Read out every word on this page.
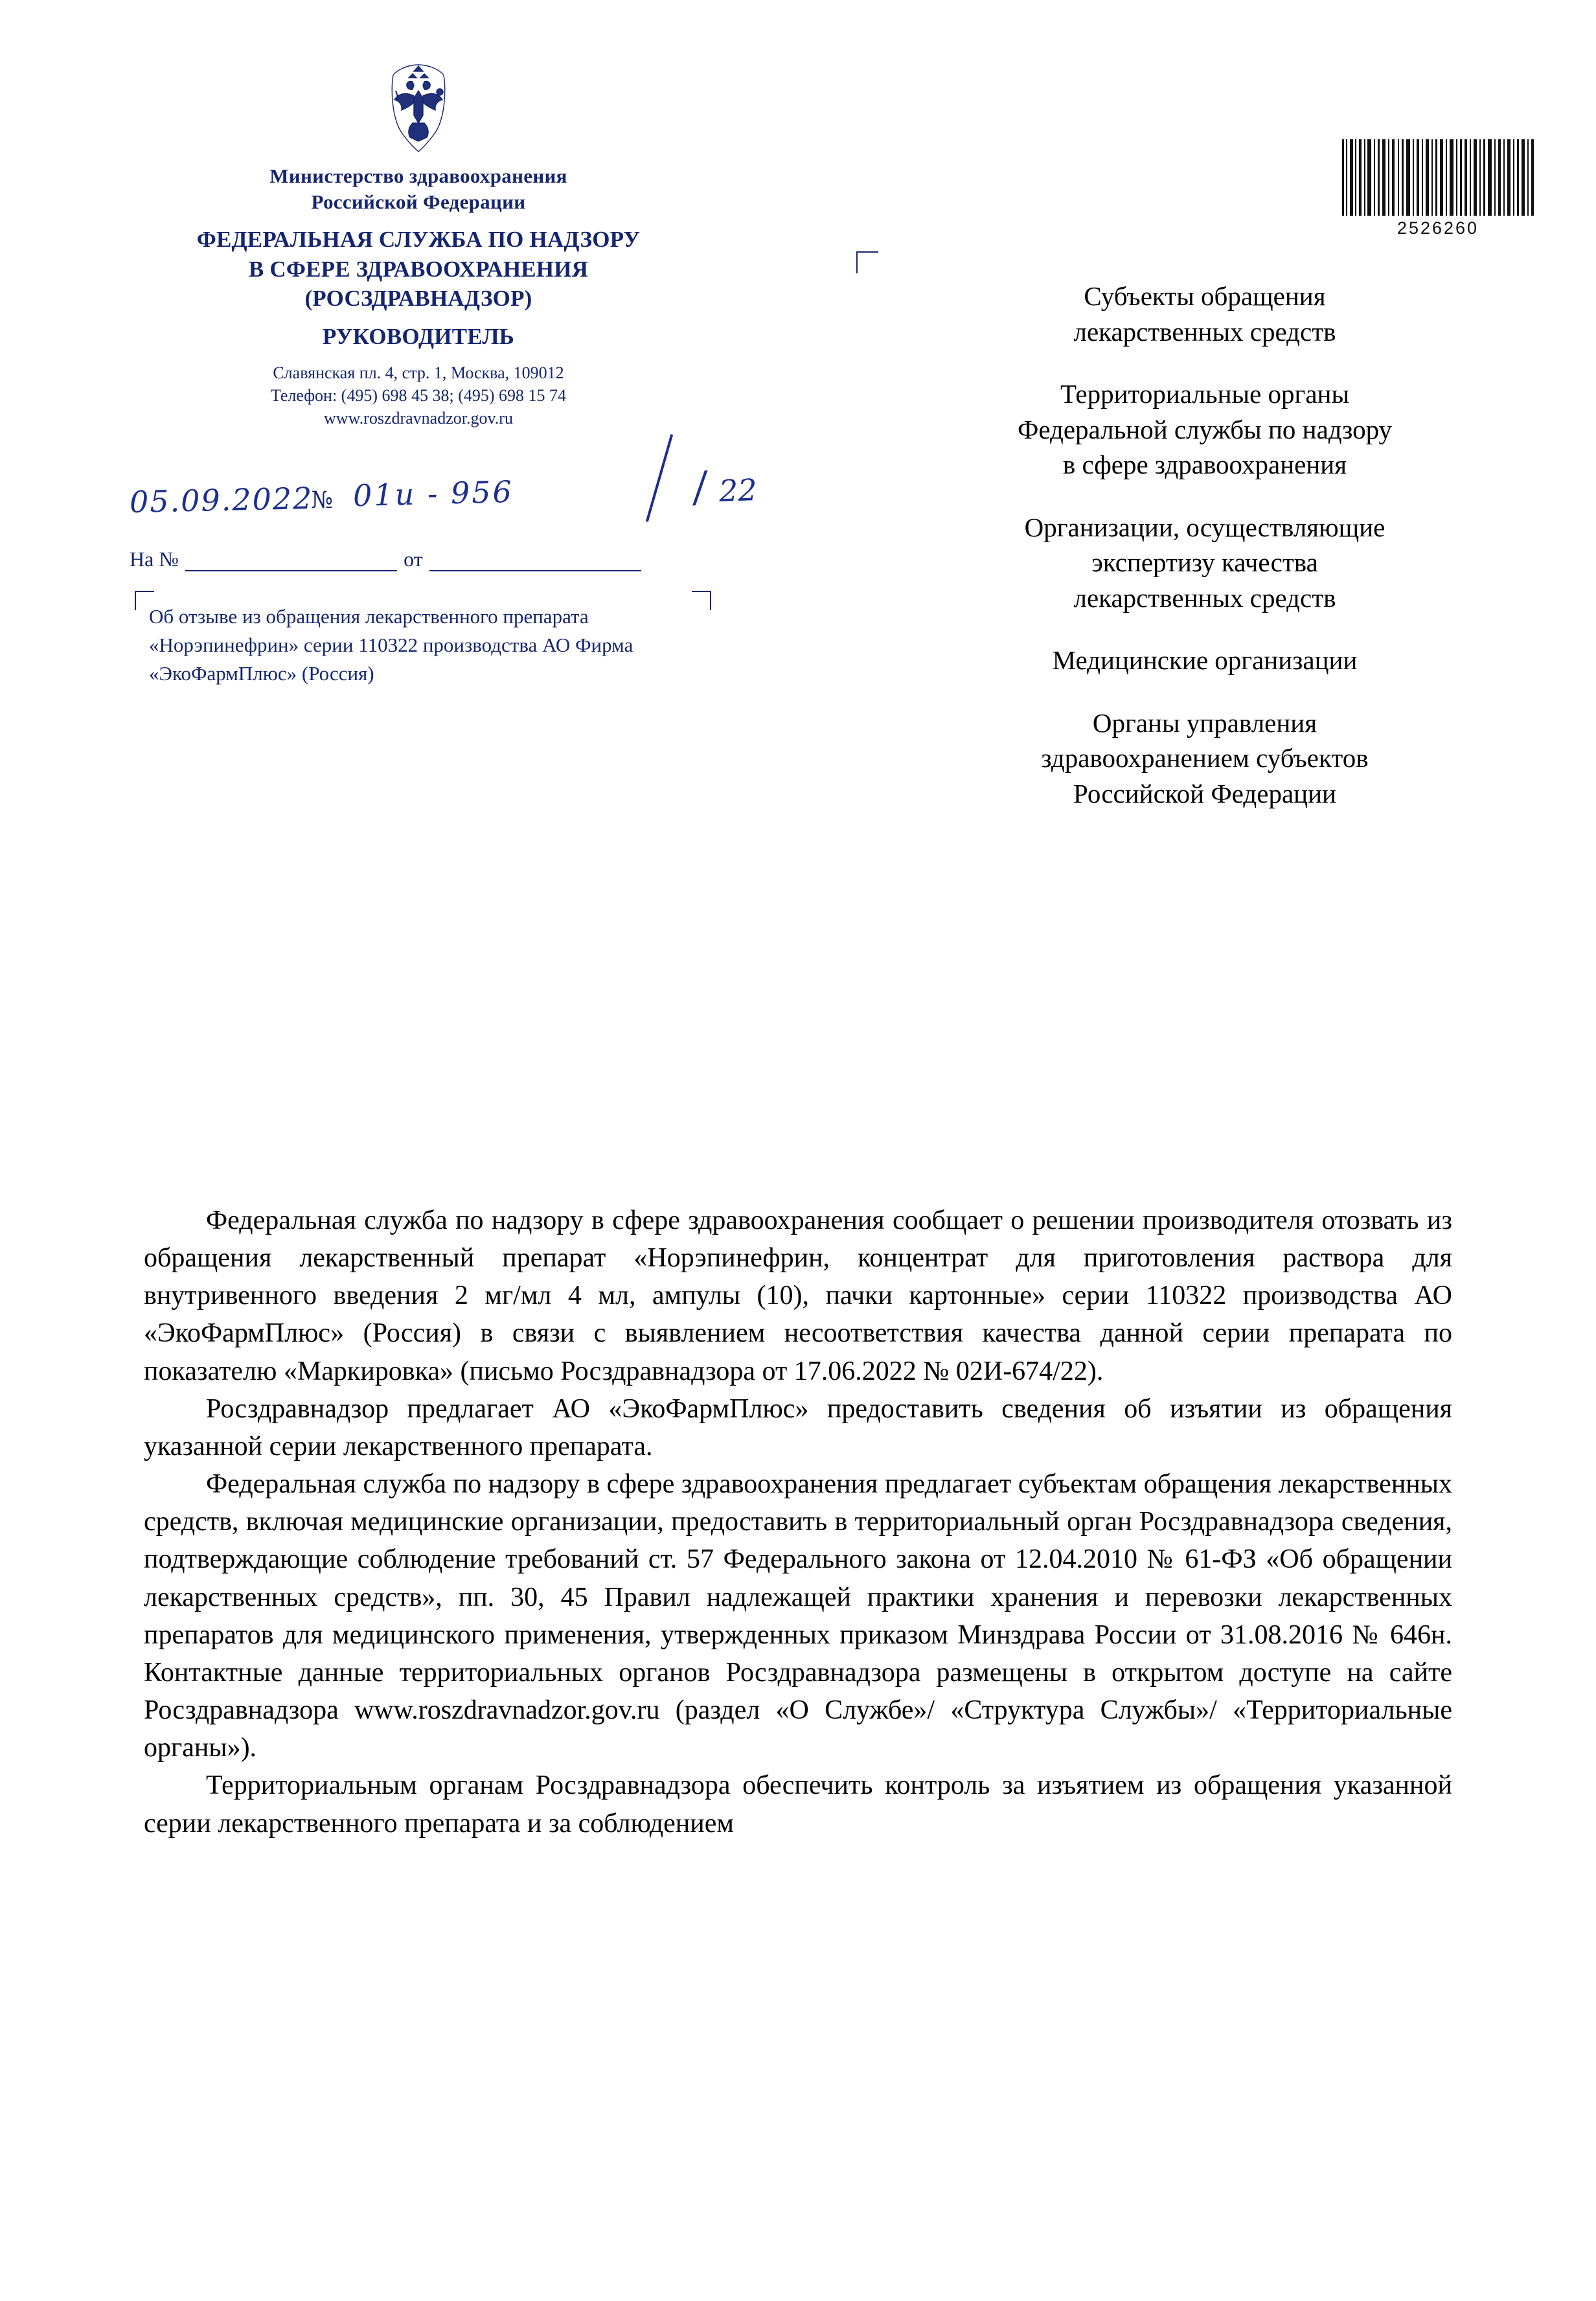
Министерство здравоохранения
Российской Федерации
ФЕДЕРАЛЬНАЯ СЛУЖБА ПО НАДЗОРУ
В СФЕРЕ ЗДРАВООХРАНЕНИЯ
(РОСЗДРАВНАДЗОР)
РУКОВОДИТЕЛЬ
Славянская пл. 4, стр. 1, Москва, 109012
Телефон: (495) 698 45 38; (495) 698 15 74
www.roszdravnadzor.gov.ru
05.09.2022
№ 01и - 956	/ 22
На №	от
Об отзыве из обращения лекарственного препарата «Норэпинефрин» серии 110322 производства АО Фирма «ЭкоФармПлюс» (Россия)
2526260
Субъекты обращения
лекарственных средств
Территориальные органы
Федеральной службы по надзору
в сфере здравоохранения
Организации, осуществляющие
экспертизу качества
лекарственных средств
Медицинские организации
Органы управления
здравоохранением субъектов
Российской Федерации

Федеральная служба по надзору в сфере здравоохранения сообщает о решении производителя отозвать из обращения лекарственный препарат «Норэпинефрин, концентрат для приготовления раствора для внутривенного введения 2 мг/мл 4 мл, ампулы (10), пачки картонные» серии 110322 производства АО «ЭкоФармПлюс» (Россия) в связи с выявлением несоответствия качества данной серии препарата по показателю «Маркировка» (письмо Росздравнадзора от 17.06.2022 № 02И-674/22).

Росздравнадзор предлагает АО «ЭкоФармПлюс» предоставить сведения об изъятии из обращения указанной серии лекарственного препарата.

Федеральная служба по надзору в сфере здравоохранения предлагает субъектам обращения лекарственных средств, включая медицинские организации, предоставить в территориальный орган Росздравнадзора сведения, подтверждающие соблюдение требований ст. 57 Федерального закона от 12.04.2010 № 61-ФЗ «Об обращении лекарственных средств», пп. 30, 45 Правил надлежащей практики хранения и перевозки лекарственных препаратов для медицинского применения, утвержденных приказом Минздрава России от 31.08.2016 № 646н. Контактные данные территориальных органов Росздравнадзора размещены в открытом доступе на сайте Росздравнадзора www.roszdravnadzor.gov.ru (раздел «О Службе»/ «Структура Службы»/ «Территориальные органы»).

Территориальным органам Росздравнадзора обеспечить контроль за изъятием из обращения указанной серии лекарственного препарата и за соблюдением
